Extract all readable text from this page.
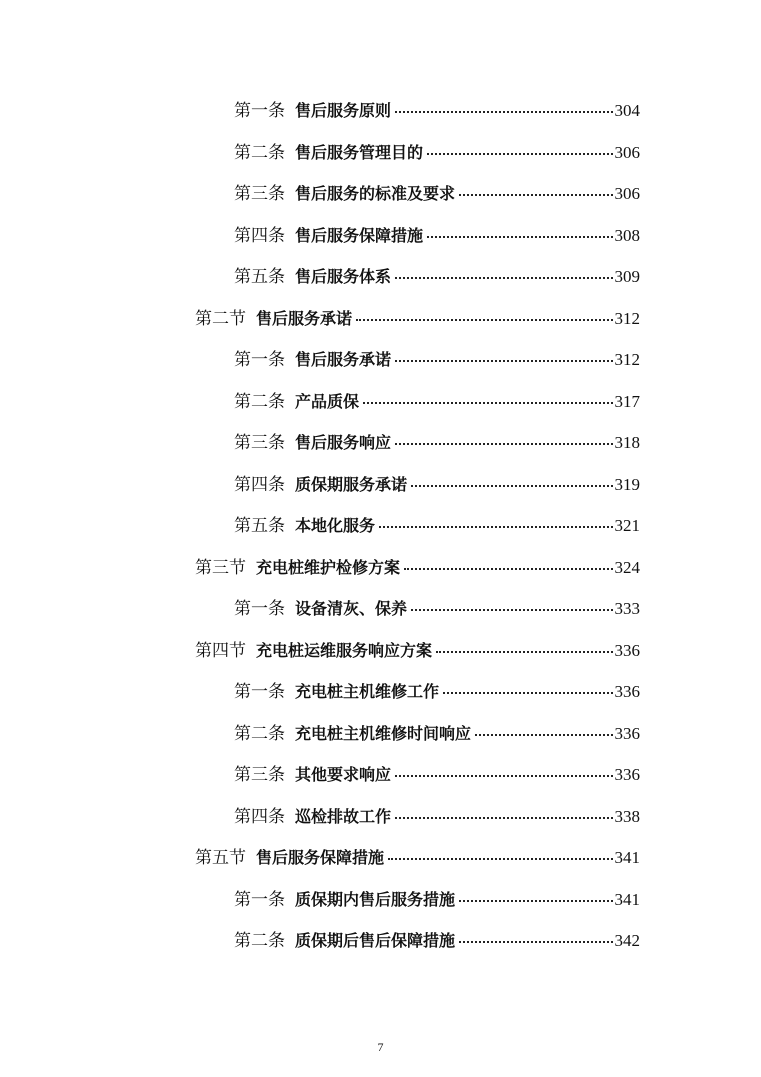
第一条 售后服务原则	304
第二条 售后服务管理目的	306
第三条 售后服务的标准及要求	306
第四条 售后服务保障措施	308
第五条 售后服务体系	309
第二节 售后服务承诺	312
第一条 售后服务承诺	312
第二条 产品质保	317
第三条 售后服务响应	318
第四条 质保期服务承诺	319
第五条 本地化服务	321
第三节 充电桩维护检修方案	324
第一条 设备清灰、保养	333
第四节 充电桩运维服务响应方案	336
第一条 充电桩主机维修工作	336
第二条 充电桩主机维修时间响应	336
第三条 其他要求响应	336
第四条 巡检排故工作	338
第五节 售后服务保障措施	341
第一条 质保期内售后服务措施	341
第二条 质保期后售后保障措施	342
7
